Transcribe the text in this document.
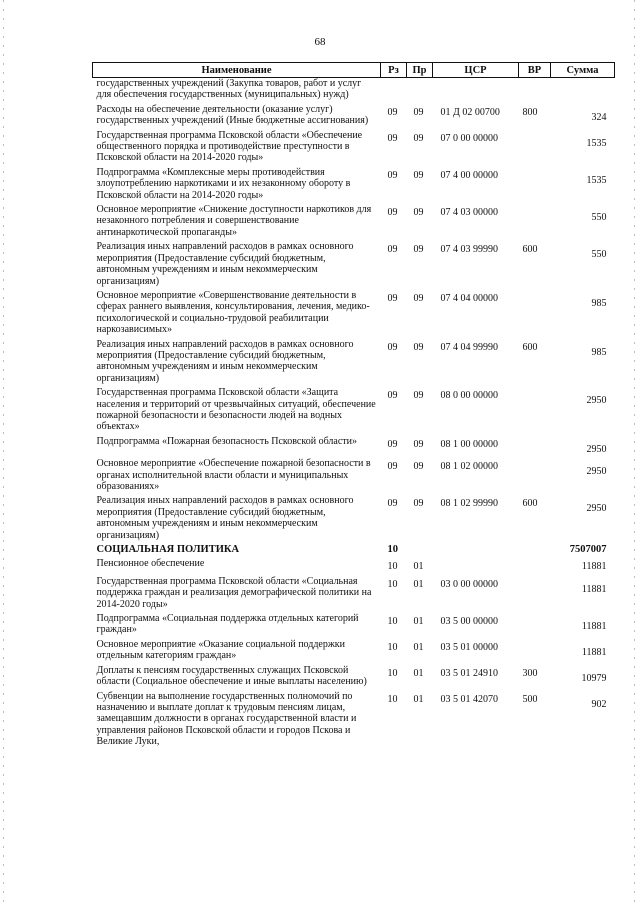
68
Наименование	Рз	Пр	ЦСР	ВР	Сумма
государственных учреждений (Закупка товаров, работ и услуг для обеспечения государственных (муниципальных) нужд)					
Расходы на обеспечение деятельности (оказание услуг) государственных учреждений (Иные бюджетные ассигнования)	09	09	01 Д 02 00700	800	324
Государственная программа Псковской области «Обеспечение общественного порядка и противодействие преступности в Псковской области на 2014-2020 годы»	09	09	07 0 00 00000		1535
Подпрограмма «Комплексные меры противодействия злоупотреблению наркотиками и их незаконному обороту в Псковской области на 2014-2020 годы»	09	09	07 4 00 00000		1535
Основное мероприятие «Снижение доступности наркотиков для незаконного потребления и совершенствование антинаркотической пропаганды»	09	09	07 4 03 00000		550
Реализация иных направлений расходов в рамках основного мероприятия (Предоставление субсидий бюджетным, автономным учреждениям и иным некоммерческим организациям)	09	09	07 4 03 99990	600	550
Основное мероприятие «Совершенствование деятельности в сферах раннего выявления, консультирования, лечения, медико-психологической и социально-трудовой реабилитации наркозависимых»	09	09	07 4 04 00000		985
Реализация иных направлений расходов в рамках основного мероприятия (Предоставление субсидий бюджетным, автономным учреждениям и иным некоммерческим организациям)	09	09	07 4 04 99990	600	985
Государственная программа Псковской области «Защита населения и территорий от чрезвычайных ситуаций, обеспечение пожарной безопасности и безопасности людей на водных объектах»	09	09	08 0 00 00000		2950
Подпрограмма «Пожарная безопасность Псковской области»	09	09	08 1 00 00000		2950
Основное мероприятие «Обеспечение пожарной безопасности в органах исполнительной власти области и муниципальных образованиях»	09	09	08 1 02 00000		2950
Реализация иных направлений расходов в рамках основного мероприятия (Предоставление субсидий бюджетным, автономным учреждениям и иным некоммерческим организациям)	09	09	08 1 02 99990	600	2950
СОЦИАЛЬНАЯ ПОЛИТИКА	10				7507007
Пенсионное обеспечение	10	01			11881
Государственная программа Псковской области «Социальная поддержка граждан и реализация демографической политики на 2014-2020 годы»	10	01	03 0 00 00000		11881
Подпрограмма «Социальная поддержка отдельных категорий граждан»	10	01	03 5 00 00000		11881
Основное мероприятие «Оказание социальной поддержки отдельным категориям граждан»	10	01	03 5 01 00000		11881
Доплаты к пенсиям государственных служащих Псковской области (Социальное обеспечение и иные выплаты населению)	10	01	03 5 01 24910	300	10979
Субвенции на выполнение государственных полномочий по назначению и выплате доплат к трудовым пенсиям лицам, замещавшим должности в органах государственной власти и управления районов Псковской области и городов Пскова и Великие Луки,	10	01	03 5 01 42070	500	902
